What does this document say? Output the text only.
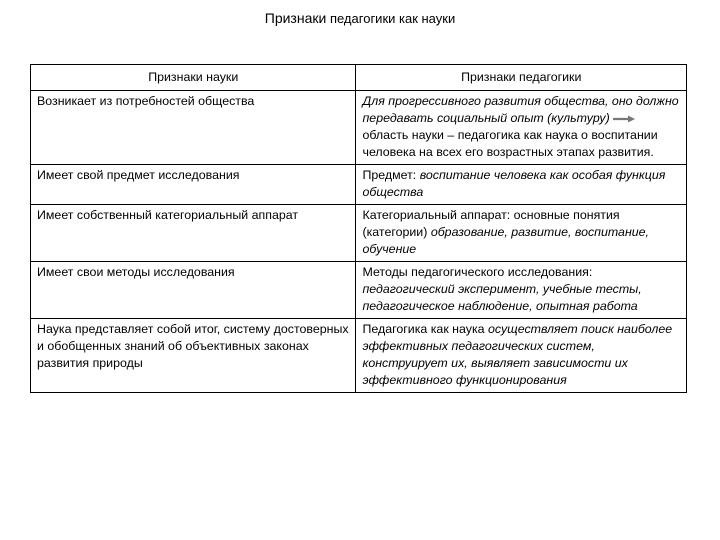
Признаки педагогики как науки
Признаки науки	Признаки педагогики
Возникает из потребностей общества	Для прогрессивного развития общества, оно должно передавать социальный опыт (культуру)область науки – педагогика как наука о воспитании человека на всех его возрастных этапах развития.
Имеет свой предмет исследования	Предмет: воспитание человека как особая функция общества
Имеет собственный категориальный аппарат	Категориальный аппарат: основные понятия (категории) образование, развитие, воспитание, обучение
Имеет свои методы исследования	Методы педагогического исследования: педагогический эксперимент, учебные тесты, педагогическое наблюдение, опытная работа
Наука представляет собой итог, систему достоверных и обобщенных знаний об объективных законах развития природы	Педагогика как наука осуществляет поиск наиболее эффективных педагогических систем, конструирует их, выявляет зависимости их эффективного функционирования
